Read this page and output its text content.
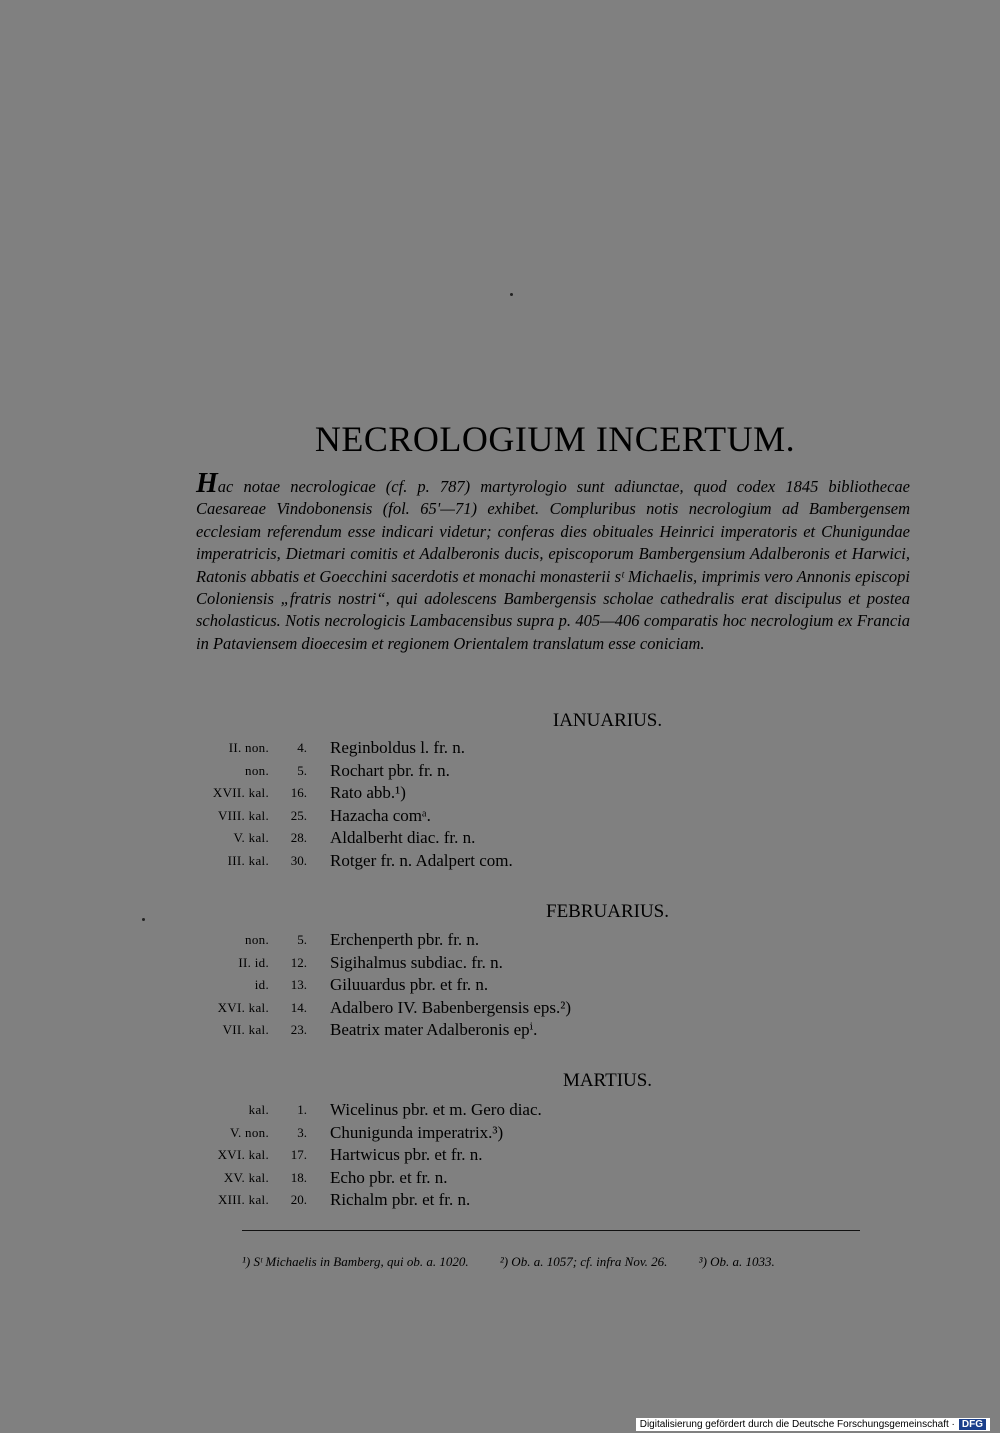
NECROLOGIUM INCERTUM.
Hac notae necrologicae (cf. p. 787) martyrologio sunt adiunctae, quod codex 1845 bibliothecae Caesareae Vindobonensis (fol. 65'—71) exhibet. Compluribus notis necrologium ad Bambergensem ecclesiam referendum esse indicari videtur; conferas dies obituales Heinrici imperatoris et Chunigundae imperatricis, Dietmari comitis et Adalberonis ducis, episcoporum Bambergensium Adalberonis et Harwici, Ratonis abbatis et Goecchini sacerdotis et monachi monasterii sᵗ Michaelis, imprimis vero Annonis episcopi Coloniensis „fratris nostri“, qui adolescens Bambergensis scholae cathedralis erat discipulus et postea scholasticus. Notis necrologicis Lambacensibus supra p. 405—406 comparatis hoc necrologium ex Francia in Pataviensem dioecesim et regionem Orientalem translatum esse coniciam.
IANUARIUS.
II. non. 4. Reginboldus l. fr. n.
non. 5. Rochart pbr. fr. n.
XVII. kal. 16. Rato abb.¹)
VIII. kal. 25. Hazacha comᵃ.
V. kal. 28. Aldalberht diac. fr. n.
III. kal. 30. Rotger fr. n. Adalpert com.
FEBRUARIUS.
non. 5. Erchenperth pbr. fr. n.
II. id. 12. Sigihalmus subdiac. fr. n.
id. 13. Giluuardus pbr. et fr. n.
XVI. kal. 14. Adalbero IV. Babenbergensis eps.²)
VII. kal. 23. Beatrix mater Adalberonis epⁱ.
MARTIUS.
kal. 1. Wicelinus pbr. et m. Gero diac.
V. non. 3. Chunigunda imperatrix.³)
XVI. kal. 17. Hartwicus pbr. et fr. n.
XV. kal. 18. Echo pbr. et fr. n.
XIII. kal. 20. Richalm pbr. et fr. n.
¹) Sᵗ Michaelis in Bamberg, qui ob. a. 1020. ²) Ob. a. 1057; cf. infra Nov. 26. ³) Ob. a. 1033.
Digitalisierung gefördert durch die Deutsche Forschungsgemeinschaft · DFG
